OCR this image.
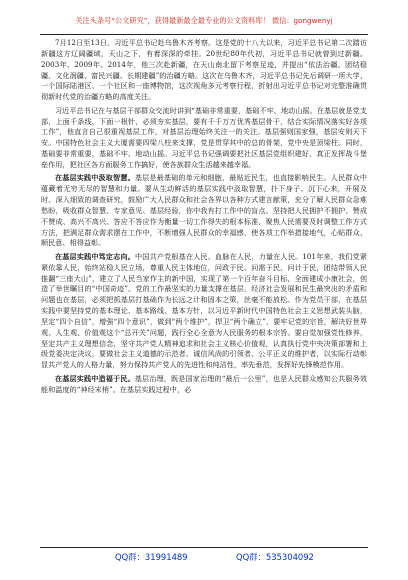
关注头条号“公文研究”，获得最新最全最专业的公文资料库！ 微信：gongwenyj

7月12日至13日，习近平总书记赴乌鲁木齐考察。这是党的十八大以来，习近平总书记第二次踏访新疆这方辽阔疆域，天山之下，有着深深的牵挂。20世纪80年代初，习近平总书记就曾到过新疆。2003年、2009年、2014年，他三次赴新疆，在天山南北留下考察足迹，并提出“依法治疆、团结稳疆、文化润疆、富民兴疆、长期建疆”的治疆方略。这次在乌鲁木齐，习近平总书记先后调研一所大学、一个国际陆港区、一个社区和一座博物馆，这次视角多元考察行程，折射出习近平总书记对完整准确贯彻新时代党的治疆方略的高度关注。

习近平总书记在与基层干部群众交流时讲到“基础非常重要，基础不牢、地动山摇。在基层就是党支部，上面千条线，下面一根针，必须夯实基层，要有千千万万优秀基层骨干，结合实际情况落实好各项工作”，他直言自己很重视基层工作，对基层治理始终关注一的关注。基层强则国家强，基层安则天下安。中国特色社会主义大厦需要四梁八柱来支撑，党是贯穿其中的总的骨架，党中央是顶梁柱。同时，基础要非常重要，基础不牢、地动山摇。习近平总书记强调要把社区基层党组织建好，真正发挥战斗堡垒作用，把社区各方面服务工作搞好，使各族群众生活越来越幸福。

在基层实践中汲取智慧。基层是最基础的单元和细胞，最贴近民生，也直接影响民生。人民群众中蕴藏着无穷无尽的智慧和力量。要从生动鲜活的基层实践中汲取智慧，扑下身子、沉下心来，开展及时、深入细致的调查研究，鼓励广大人民群众和社会各界以各种方式建言献策，充分了解人民群众急难愁盼，吸收群众智慧、专家意见、基层经验，你中我有打工作中的盲点。坚持把人民拥护不拥护、赞成不赞成、高兴不高兴、答应不答应作为衡量一切工作得失的根本标准，聚焦人民需要及时调整工作方式方法，把满足群众需求摆在工作中，不断增强人民群众的幸福感，使各项工作举措接地气，心贴群众、顺民意、相得益彰。

在基层实践中笃定志向。中国共产党根基在人民、血脉在人民，力量在人民。101年来，我们党紧紧依靠人民，始终站稳人民立场，尊重人民主体地位，问政于民、问需于民、问计于民，团结带领人民推翻“三座大山”，建立了人民当家作主的新中国，实现了第一个百年奋斗目标，全面建成小康社会，创造了举世瞩目的“中国奇迹”。党的工作最坚实的力量支撑在基层，经济社会发展和民生最突出的矛盾和问题也在基层，必须把抓基层打基础作为长远之计和固本之策，丝毫不能放松。作为党员干部，在基层实践中要坚持党的基本理论、基本路线、基本方针，以习近平新时代中国特色社会主义思想武装头脑，坚定“四个自信”，增强“四个意识”，做到“两个维护”，捍卫“两个确立”，要牢记党的宗旨，解决好世界观、人生观、价值观这个“总开关”问题，践行全心全意为人民服务的根本宗旨。要自觉加强党性修养，坚定共产主义理想信念，坚守共产党人精神追求和社会主义核心价值观，认真执行党中央决策部署和上级党委决定决议，要做社会主义道德的示范者、诚信风尚的引领者、公平正义的维护者，以实际行动彰显共产党人的人格力量，努力保持共产党人的先进性和纯洁性，率先垂范，发挥好先锋模范作用。

在基层实践中造福于民。基层治理，既是国家治理的“最后一公里”，也是人民群众感知公共服务效能和温度的“神经末梢”。在基层实践过程中，必

QQ群：31991489	QQ群：535304092
